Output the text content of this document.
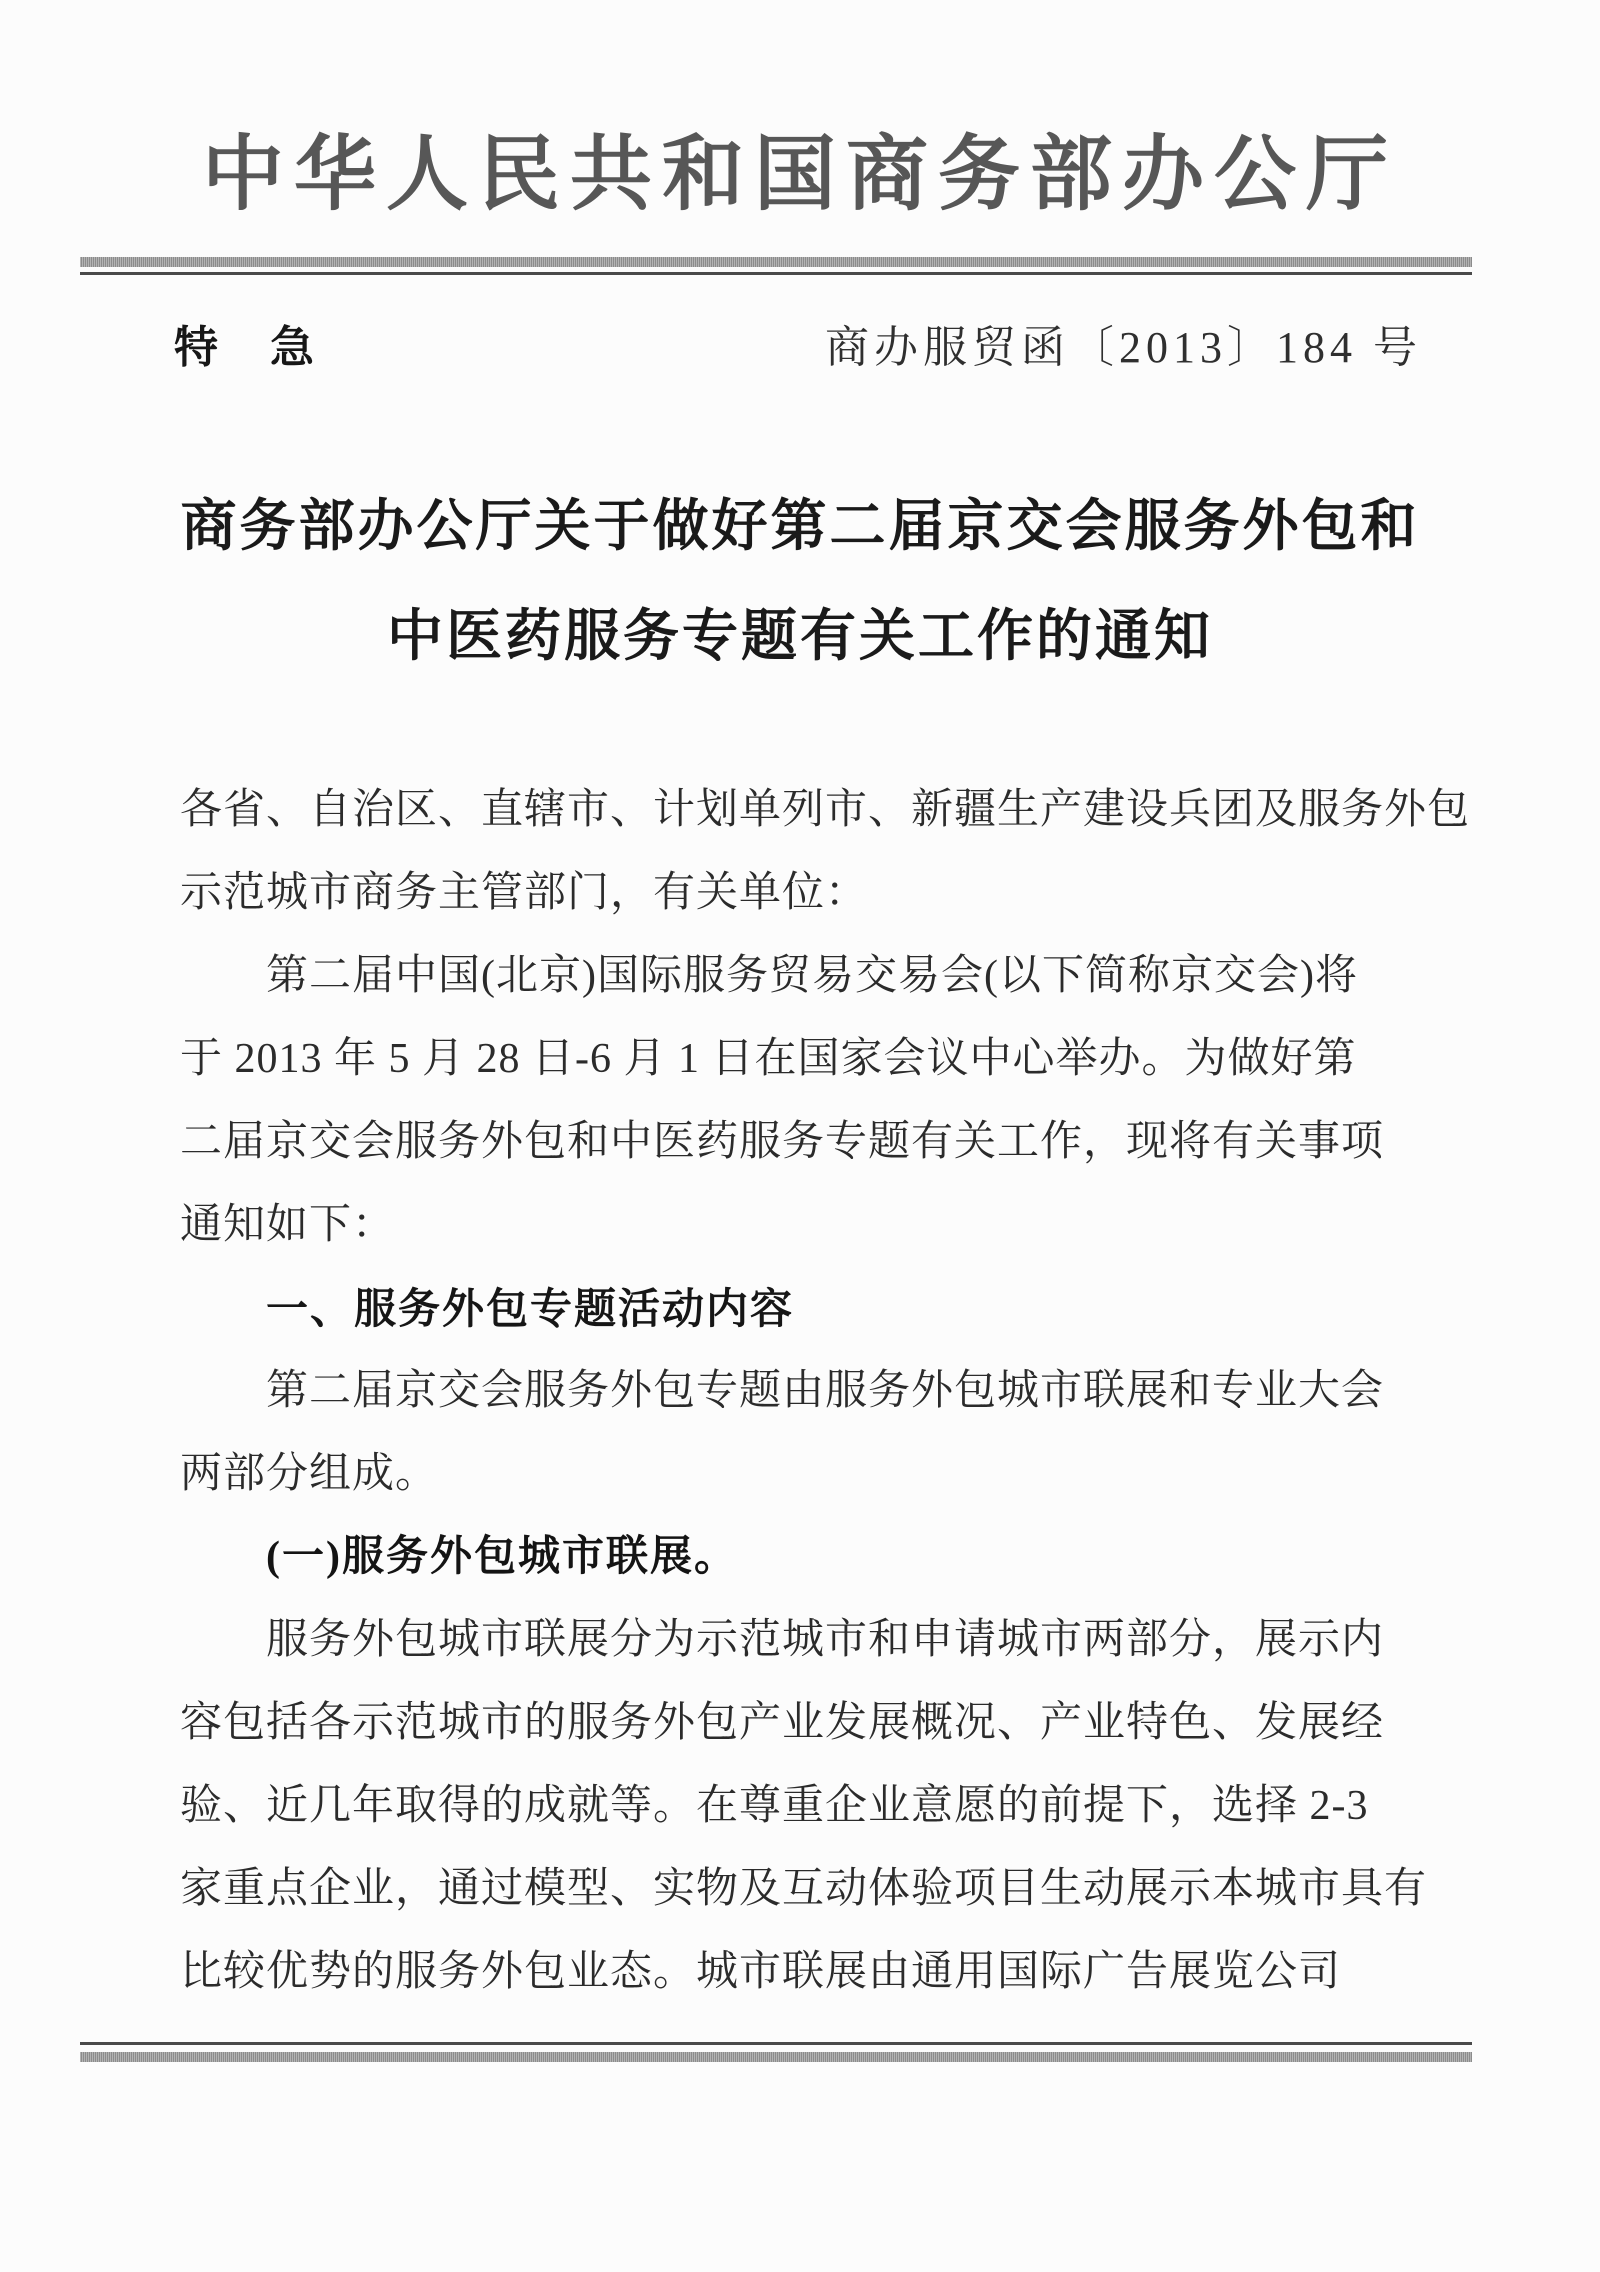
中华人民共和国商务部办公厅
特　急	商办服贸函〔2013〕184 号
商务部办公厅关于做好第二届京交会服务外包和
中医药服务专题有关工作的通知
各省、自治区、直辖市、计划单列市、新疆生产建设兵团及服务外包
示范城市商务主管部门，有关单位：
第二届中国(北京)国际服务贸易交易会(以下简称京交会)将
于 2013 年 5 月 28 日-6 月 1 日在国家会议中心举办。为做好第
二届京交会服务外包和中医药服务专题有关工作，现将有关事项
通知如下：
一、服务外包专题活动内容
第二届京交会服务外包专题由服务外包城市联展和专业大会
两部分组成。
(一)服务外包城市联展。
服务外包城市联展分为示范城市和申请城市两部分，展示内
容包括各示范城市的服务外包产业发展概况、产业特色、发展经
验、近几年取得的成就等。在尊重企业意愿的前提下，选择 2-3
家重点企业，通过模型、实物及互动体验项目生动展示本城市具有
比较优势的服务外包业态。城市联展由通用国际广告展览公司
